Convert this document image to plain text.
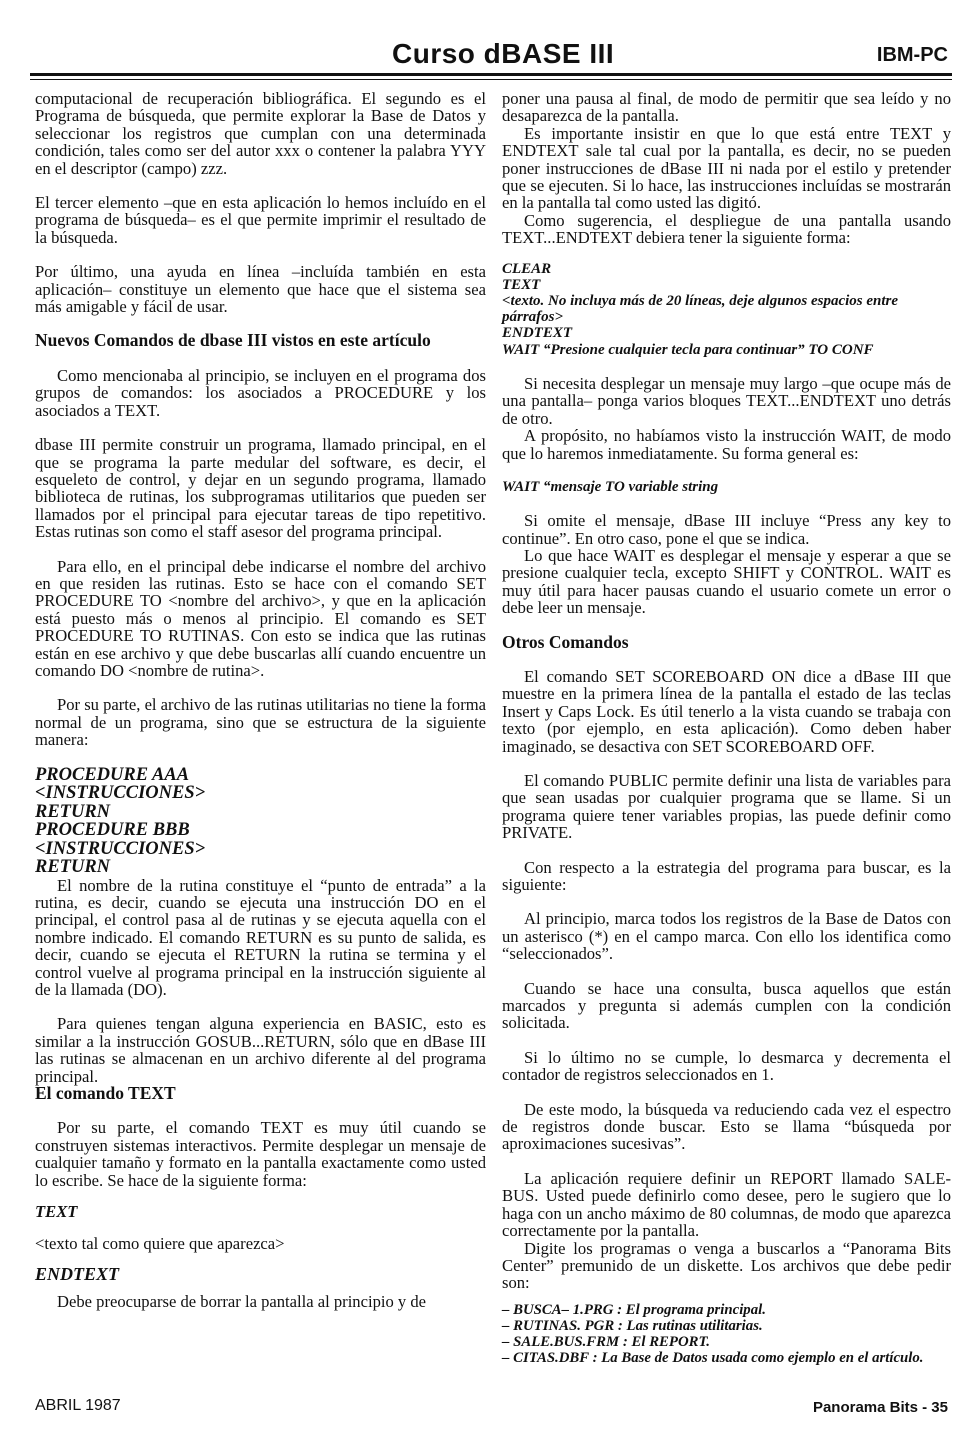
Curso dBASE III	IBM-PC

computacional de recuperación bibliográfica. El segundo es el Programa de búsqueda, que permite explorar la Base de Datos y seleccionar los registros que cumplan con una determinada condición, tales como ser del autor xxx o contener la palabra YYY en el descriptor (campo) zzz.

El tercer elemento –que en esta aplicación lo hemos incluído en el programa de búsqueda– es el que permite imprimir el resultado de la búsqueda.

Por último, una ayuda en línea –incluída también en esta aplicación– constituye un elemento que hace que el sistema sea más amigable y fácil de usar.

Nuevos Comandos de dbase III vistos en este artículo

Como mencionaba al principio, se incluyen en el programa dos grupos de comandos: los asociados a PROCEDURE y los asociados a TEXT.

dbase III permite construir un programa, llamado principal, en el que se programa la parte medular del software, es decir, el esqueleto de control, y dejar en un segundo programa, llamado biblioteca de rutinas, los subprogramas utilitarios que pueden ser llamados por el principal para ejecutar tareas de tipo repetitivo. Estas rutinas son como el staff asesor del programa principal.

Para ello, en el principal debe indicarse el nombre del archivo en que residen las rutinas. Esto se hace con el comando SET PROCEDURE TO <nombre del archivo>, y que en la aplicación está puesto más o menos al principio. El comando es SET PROCEDURE TO RUTINAS. Con esto se indica que las rutinas están en ese archivo y que debe buscarlas allí cuando encuentre un comando DO <nombre de rutina>.

Por su parte, el archivo de las rutinas utilitarias no tiene la forma normal de un programa, sino que se estructura de la siguiente manera:

PROCEDURE AAA
<INSTRUCCIONES>
RETURN
PROCEDURE BBB
<INSTRUCCIONES>
RETURN

El nombre de la rutina constituye el “punto de entrada” a la rutina, es decir, cuando se ejecuta una instrucción DO en el principal, el control pasa al de rutinas y se ejecuta aquella con el nombre indicado. El comando RETURN es su punto de salida, es decir, cuando se ejecuta el RETURN la rutina se termina y el control vuelve al programa principal en la instrucción siguiente al de la llamada (DO).

Para quienes tengan alguna experiencia en BASIC, esto es similar a la instrucción GOSUB...RETURN, sólo que en dBase III las rutinas se almacenan en un archivo diferente al del programa principal.

El comando TEXT

Por su parte, el comando TEXT es muy útil cuando se construyen sistemas interactivos. Permite desplegar un mensaje de cualquier tamaño y formato en la pantalla exactamente como usted lo escribe. Se hace de la siguiente forma:

TEXT

<texto tal como quiere que aparezca>

ENDTEXT

Debe preocuparse de borrar la pantalla al principio y de

poner una pausa al final, de modo de permitir que sea leído y no desaparezca de la pantalla.

Es importante insistir en que lo que está entre TEXT y ENDTEXT sale tal cual por la pantalla, es decir, no se pueden poner instrucciones de dBase III ni nada por el estilo y pretender que se ejecuten. Si lo hace, las instrucciones incluídas se mostrarán en la pantalla tal como usted las digitó.

Como sugerencia, el despliegue de una pantalla usando TEXT...ENDTEXT debiera tener la siguiente forma:

CLEAR
TEXT
<texto. No incluya más de 20 líneas, deje algunos espacios entre párrafos>
ENDTEXT
WAIT “Presione cualquier tecla para continuar” TO CONF

Si necesita desplegar un mensaje muy largo –que ocupe más de una pantalla– ponga varios bloques TEXT...ENDTEXT uno detrás de otro.

A propósito, no habíamos visto la instrucción WAIT, de modo que lo haremos inmediatamente. Su forma general es:

WAIT “mensaje TO variable string

Si omite el mensaje, dBase III incluye “Press any key to continue”. En otro caso, pone el que se indica.

Lo que hace WAIT es desplegar el mensaje y esperar a que se presione cualquier tecla, excepto SHIFT y CONTROL. WAIT es muy útil para hacer pausas cuando el usuario comete un error o debe leer un mensaje.

Otros Comandos

El comando SET SCOREBOARD ON dice a dBase III que muestre en la primera línea de la pantalla el estado de las teclas Insert y Caps Lock. Es útil tenerlo a la vista cuando se trabaja con texto (por ejemplo, en esta aplicación). Como deben haber imaginado, se desactiva con SET SCOREBOARD OFF.

El comando PUBLIC permite definir una lista de variables para que sean usadas por cualquier programa que se llame. Si un programa quiere tener variables propias, las puede definir como PRIVATE.

Con respecto a la estrategia del programa para buscar, es la siguiente:

Al principio, marca todos los registros de la Base de Datos con un asterisco (*) en el campo marca. Con ello los identifica como “seleccionados”.

Cuando se hace una consulta, busca aquellos que están marcados y pregunta si además cumplen con la condición solicitada.

Si lo último no se cumple, lo desmarca y decrementa el contador de registros seleccionados en 1.

De este modo, la búsqueda va reduciendo cada vez el espectro de registros donde buscar. Esto se llama “búsqueda por aproximaciones sucesivas”.

La aplicación requiere definir un REPORT llamado SALE-BUS. Usted puede definirlo como desee, pero le sugiero que lo haga con un ancho máximo de 80 columnas, de modo que aparezca correctamente por la pantalla.

Digite los programas o venga a buscarlos a “Panorama Bits Center” premunido de un diskette. Los archivos que debe pedir son:

– BUSCA– 1.PRG : El programa principal.
– RUTINAS. PGR : Las rutinas utilitarias.
– SALE.BUS.FRM : El REPORT.
– CITAS.DBF : La Base de Datos usada como ejemplo en el artículo.
ABRIL 1987	Panorama Bits - 35
